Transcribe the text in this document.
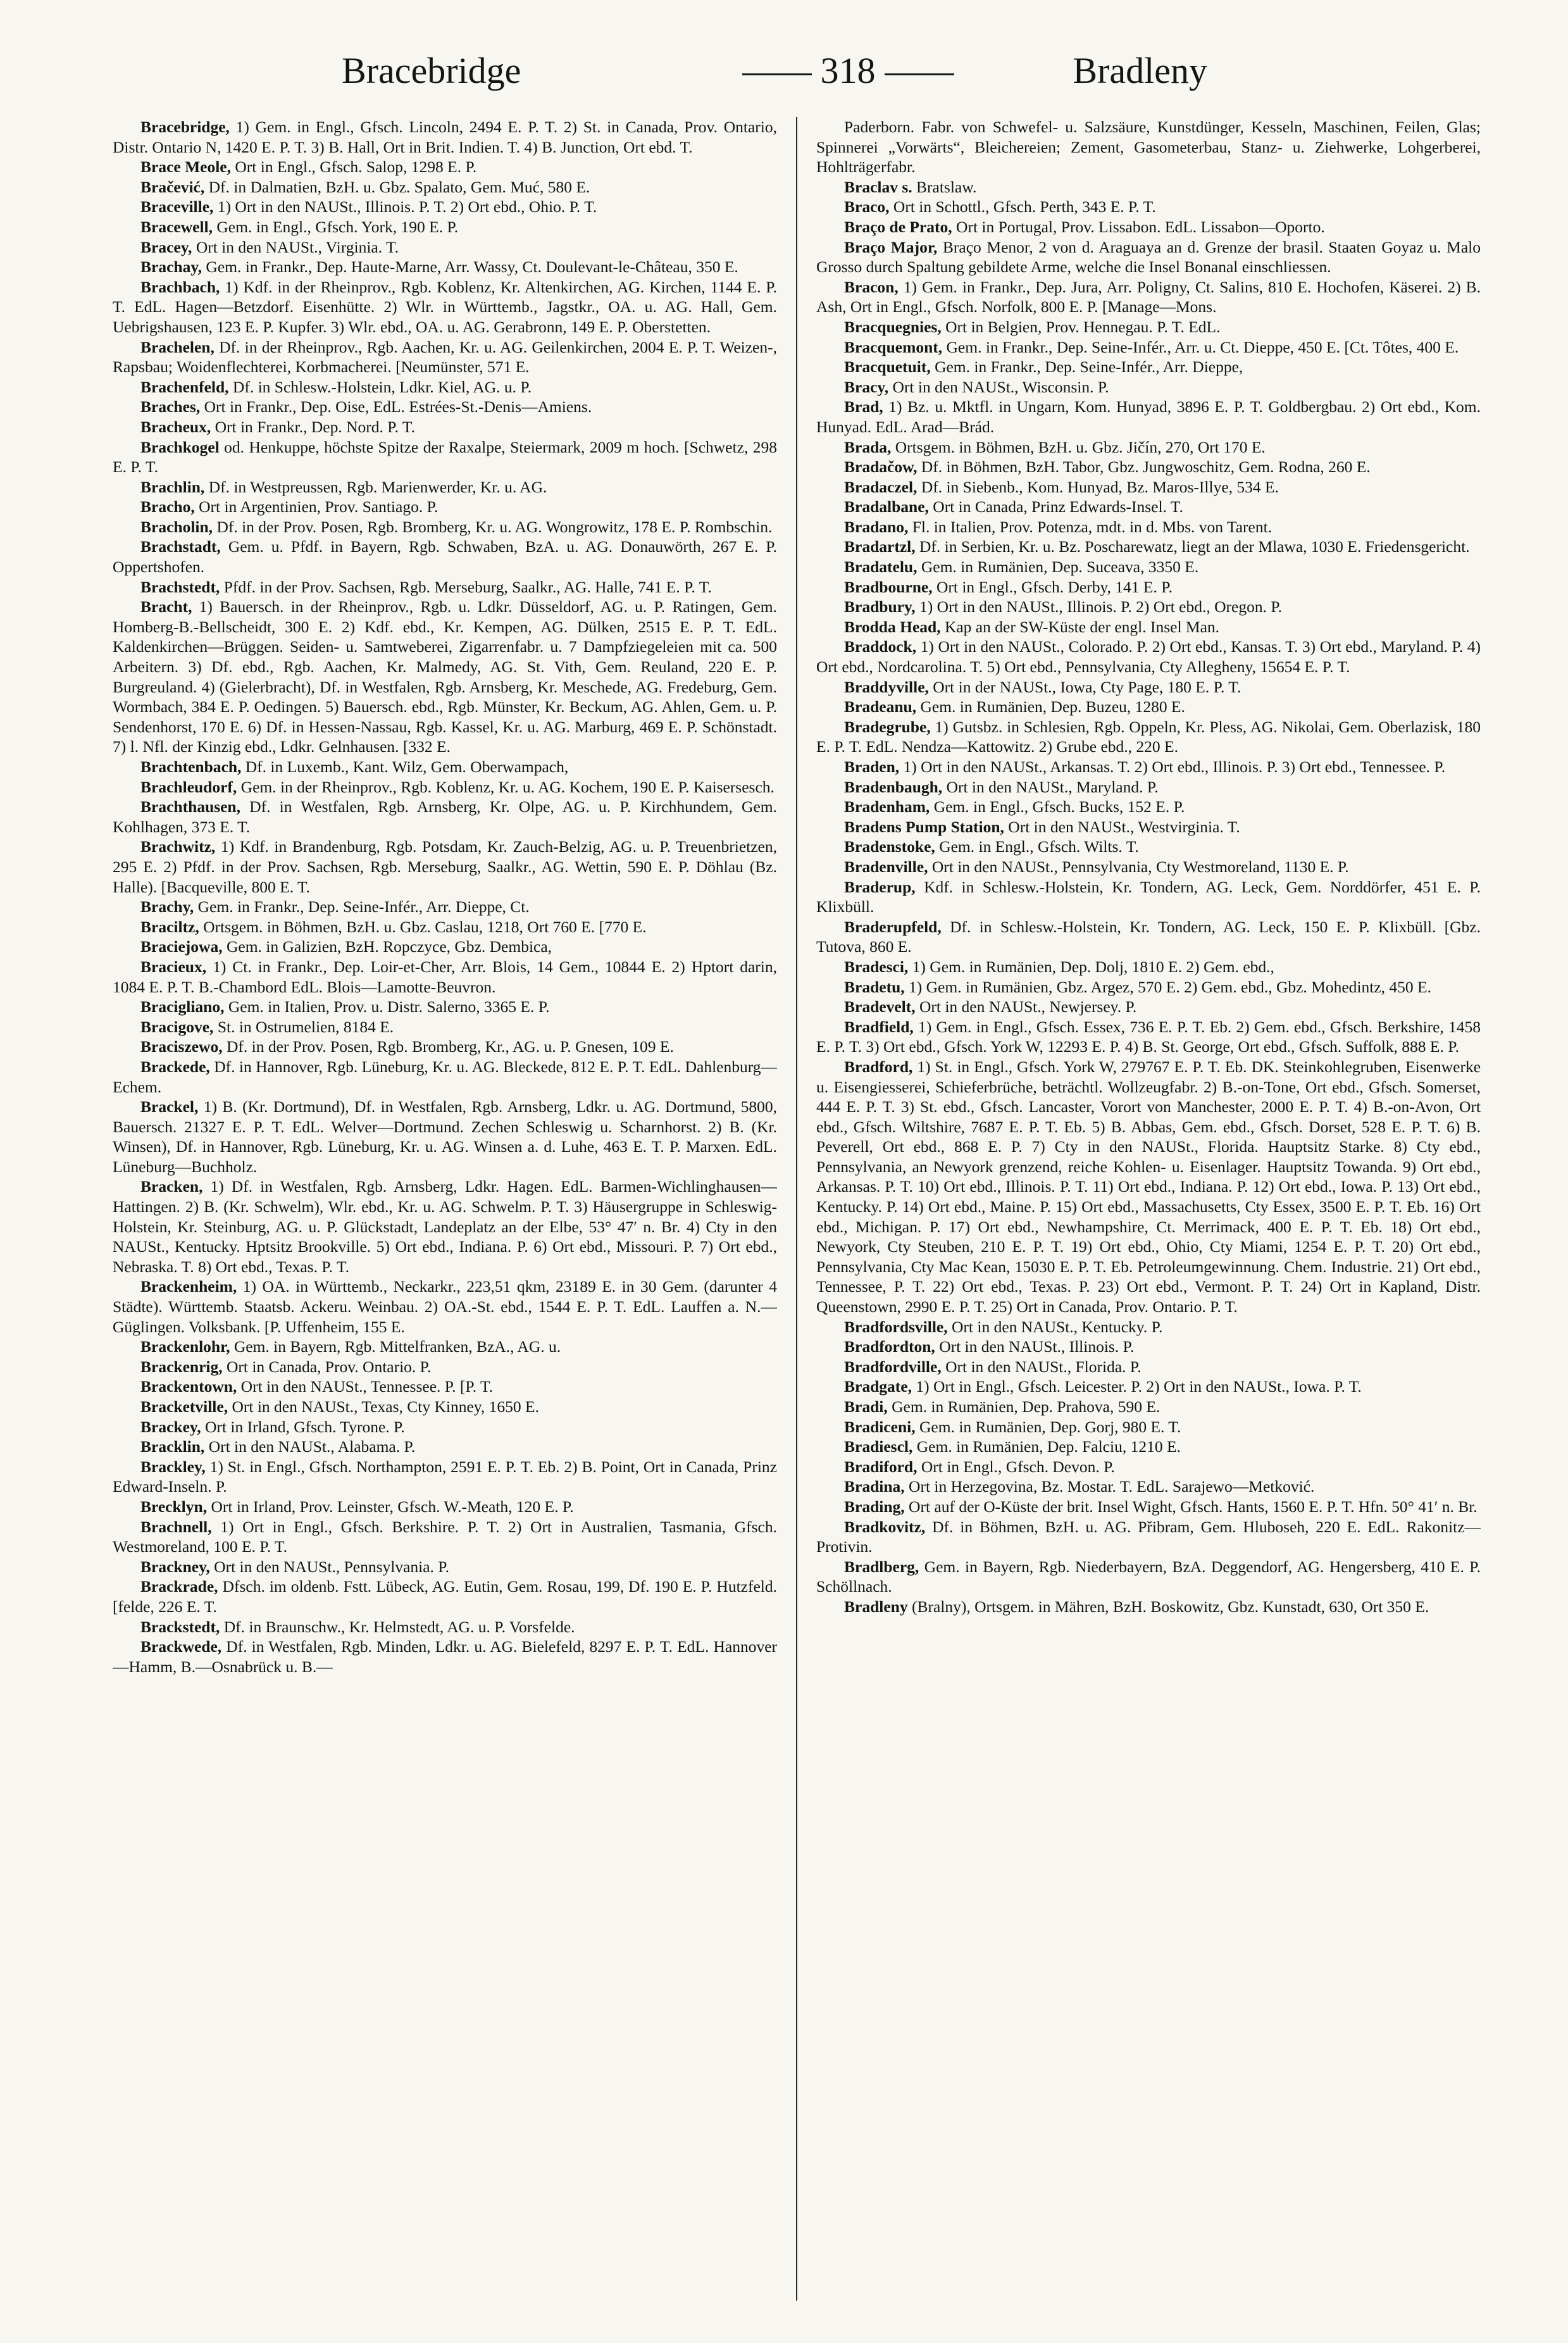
Bracebridge	318	Bradleny

Bracebridge, 1) Gem. in Engl., Gfsch. Lincoln, 2494 E. P. T. 2) St. in Canada, Prov. Ontario, Distr. Ontario N, 1420 E. P. T. 3) B. Hall, Ort in Brit. Indien. T. 4) B. Junction, Ort ebd. T.

Brace Meole, Ort in Engl., Gfsch. Salop, 1298 E. P.

Bračević, Df. in Dalmatien, BzH. u. Gbz. Spalato, Gem. Muć, 580 E.

Braceville, 1) Ort in den NAUSt., Illinois. P. T. 2) Ort ebd., Ohio. P. T.

Bracewell, Gem. in Engl., Gfsch. York, 190 E. P.

Bracey, Ort in den NAUSt., Virginia. T.

Brachay, Gem. in Frankr., Dep. Haute-Marne, Arr. Wassy, Ct. Doulevant-le-Château, 350 E.

Brachbach, 1) Kdf. in der Rheinprov., Rgb. Koblenz, Kr. Altenkirchen, AG. Kirchen, 1144 E. P. T. EdL. Hagen—Betzdorf. Eisenhütte. 2) Wlr. in Württemb., Jagstkr., OA. u. AG. Hall, Gem. Uebrigshausen, 123 E. P. Kupfer. 3) Wlr. ebd., OA. u. AG. Gerabronn, 149 E. P. Oberstetten.

Brachelen, Df. in der Rheinprov., Rgb. Aachen, Kr. u. AG. Geilenkirchen, 2004 E. P. T. Weizen-, Rapsbau; Woidenflechterei, Korbmacherei. [Neumünster, 571 E.

Brachenfeld, Df. in Schlesw.-Holstein, Ldkr. Kiel, AG. u. P.

Braches, Ort in Frankr., Dep. Oise, EdL. Estrées-St.-Denis—Amiens.

Bracheux, Ort in Frankr., Dep. Nord. P. T.

Brachkogel od. Henkuppe, höchste Spitze der Raxalpe, Steiermark, 2009 m hoch. [Schwetz, 298 E. P. T.

Brachlin, Df. in Westpreussen, Rgb. Marienwerder, Kr. u. AG.

Bracho, Ort in Argentinien, Prov. Santiago. P.

Bracholin, Df. in der Prov. Posen, Rgb. Bromberg, Kr. u. AG. Wongrowitz, 178 E. P. Rombschin.

Brachstadt, Gem. u. Pfdf. in Bayern, Rgb. Schwaben, BzA. u. AG. Donauwörth, 267 E. P. Oppertshofen.

Brachstedt, Pfdf. in der Prov. Sachsen, Rgb. Merseburg, Saalkr., AG. Halle, 741 E. P. T.

Bracht, 1) Bauersch. in der Rheinprov., Rgb. u. Ldkr. Düsseldorf, AG. u. P. Ratingen, Gem. Homberg-B.-Bellscheidt, 300 E. 2) Kdf. ebd., Kr. Kempen, AG. Dülken, 2515 E. P. T. EdL. Kaldenkirchen—Brüggen. Seiden- u. Samtweberei, Zigarrenfabr. u. 7 Dampfziegeleien mit ca. 500 Arbeitern. 3) Df. ebd., Rgb. Aachen, Kr. Malmedy, AG. St. Vith, Gem. Reuland, 220 E. P. Burgreuland. 4) (Gielerbracht), Df. in Westfalen, Rgb. Arnsberg, Kr. Meschede, AG. Fredeburg, Gem. Wormbach, 384 E. P. Oedingen. 5) Bauersch. ebd., Rgb. Münster, Kr. Beckum, AG. Ahlen, Gem. u. P. Sendenhorst, 170 E. 6) Df. in Hessen-Nassau, Rgb. Kassel, Kr. u. AG. Marburg, 469 E. P. Schönstadt. 7) l. Nfl. der Kinzig ebd., Ldkr. Gelnhausen. [332 E.

Brachtenbach, Df. in Luxemb., Kant. Wilz, Gem. Oberwampach,

Brachleudorf, Gem. in der Rheinprov., Rgb. Koblenz, Kr. u. AG. Kochem, 190 E. P. Kaisersesch.

Brachthausen, Df. in Westfalen, Rgb. Arnsberg, Kr. Olpe, AG. u. P. Kirchhundem, Gem. Kohlhagen, 373 E. T.

Brachwitz, 1) Kdf. in Brandenburg, Rgb. Potsdam, Kr. Zauch-Belzig, AG. u. P. Treuenbrietzen, 295 E. 2) Pfdf. in der Prov. Sachsen, Rgb. Merseburg, Saalkr., AG. Wettin, 590 E. P. Döhlau (Bz. Halle). [Bacqueville, 800 E. T.

Brachy, Gem. in Frankr., Dep. Seine-Infér., Arr. Dieppe, Ct.

Braciltz, Ortsgem. in Böhmen, BzH. u. Gbz. Caslau, 1218, Ort 760 E. [770 E.

Braciejowa, Gem. in Galizien, BzH. Ropczyce, Gbz. Dembica,

Bracieux, 1) Ct. in Frankr., Dep. Loir-et-Cher, Arr. Blois, 14 Gem., 10844 E. 2) Hptort darin, 1084 E. P. T. B.-Chambord EdL. Blois—Lamotte-Beuvron.

Bracigliano, Gem. in Italien, Prov. u. Distr. Salerno, 3365 E. P.

Bracigove, St. in Ostrumelien, 8184 E.

Braciszewo, Df. in der Prov. Posen, Rgb. Bromberg, Kr., AG. u. P. Gnesen, 109 E.

Brackede, Df. in Hannover, Rgb. Lüneburg, Kr. u. AG. Bleckede, 812 E. P. T. EdL. Dahlenburg—Echem.

Brackel, 1) B. (Kr. Dortmund), Df. in Westfalen, Rgb. Arnsberg, Ldkr. u. AG. Dortmund, 5800, Bauersch. 21327 E. P. T. EdL. Welver—Dortmund. Zechen Schleswig u. Scharnhorst. 2) B. (Kr. Winsen), Df. in Hannover, Rgb. Lüneburg, Kr. u. AG. Winsen a. d. Luhe, 463 E. T. P. Marxen. EdL. Lüneburg—Buchholz.

Bracken, 1) Df. in Westfalen, Rgb. Arnsberg, Ldkr. Hagen. EdL. Barmen-Wichlinghausen—Hattingen. 2) B. (Kr. Schwelm), Wlr. ebd., Kr. u. AG. Schwelm. P. T. 3) Häusergruppe in Schleswig-Holstein, Kr. Steinburg, AG. u. P. Glückstadt, Landeplatz an der Elbe, 53° 47′ n. Br. 4) Cty in den NAUSt., Kentucky. Hptsitz Brookville. 5) Ort ebd., Indiana. P. 6) Ort ebd., Missouri. P. 7) Ort ebd., Nebraska. T. 8) Ort ebd., Texas. P. T.

Brackenheim, 1) OA. in Württemb., Neckarkr., 223,51 qkm, 23189 E. in 30 Gem. (darunter 4 Städte). Württemb. Staatsb. Ackeru. Weinbau. 2) OA.-St. ebd., 1544 E. P. T. EdL. Lauffen a. N.—Güglingen. Volksbank. [P. Uffenheim, 155 E.

Brackenlohr, Gem. in Bayern, Rgb. Mittelfranken, BzA., AG. u.

Brackenrig, Ort in Canada, Prov. Ontario. P.

Brackentown, Ort in den NAUSt., Tennessee. P. [P. T.

Bracketville, Ort in den NAUSt., Texas, Cty Kinney, 1650 E.

Brackey, Ort in Irland, Gfsch. Tyrone. P.

Bracklin, Ort in den NAUSt., Alabama. P.

Brackley, 1) St. in Engl., Gfsch. Northampton, 2591 E. P. T. Eb. 2) B. Point, Ort in Canada, Prinz Edward-Inseln. P.

Brecklyn, Ort in Irland, Prov. Leinster, Gfsch. W.-Meath, 120 E. P.

Brachnell, 1) Ort in Engl., Gfsch. Berkshire. P. T. 2) Ort in Australien, Tasmania, Gfsch. Westmoreland, 100 E. P. T.

Brackney, Ort in den NAUSt., Pennsylvania. P.

Brackrade, Dfsch. im oldenb. Fstt. Lübeck, AG. Eutin, Gem. Rosau, 199, Df. 190 E. P. Hutzfeld. [felde, 226 E. T.

Brackstedt, Df. in Braunschw., Kr. Helmstedt, AG. u. P. Vorsfelde.

Brackwede, Df. in Westfalen, Rgb. Minden, Ldkr. u. AG. Bielefeld, 8297 E. P. T. EdL. Hannover—Hamm, B.—Osnabrück u. B.—

Paderborn. Fabr. von Schwefel- u. Salzsäure, Kunstdünger, Kesseln, Maschinen, Feilen, Glas; Spinnerei „Vorwärts“, Bleichereien; Zement, Gasometerbau, Stanz- u. Ziehwerke, Lohgerberei, Hohlträgerfabr.

Braclav s. Bratslaw.

Braco, Ort in Schottl., Gfsch. Perth, 343 E. P. T.

Braço de Prato, Ort in Portugal, Prov. Lissabon. EdL. Lissabon—Oporto.

Braço Major, Braço Menor, 2 von d. Araguaya an d. Grenze der brasil. Staaten Goyaz u. Malo Grosso durch Spaltung gebildete Arme, welche die Insel Bonanal einschliessen.

Bracon, 1) Gem. in Frankr., Dep. Jura, Arr. Poligny, Ct. Salins, 810 E. Hochofen, Käserei. 2) B. Ash, Ort in Engl., Gfsch. Norfolk, 800 E. P. [Manage—Mons.

Bracquegnies, Ort in Belgien, Prov. Hennegau. P. T. EdL.

Bracquemont, Gem. in Frankr., Dep. Seine-Infér., Arr. u. Ct. Dieppe, 450 E. [Ct. Tôtes, 400 E.

Bracquetuit, Gem. in Frankr., Dep. Seine-Infér., Arr. Dieppe,

Bracy, Ort in den NAUSt., Wisconsin. P.

Brad, 1) Bz. u. Mktfl. in Ungarn, Kom. Hunyad, 3896 E. P. T. Goldbergbau. 2) Ort ebd., Kom. Hunyad. EdL. Arad—Brád.

Brada, Ortsgem. in Böhmen, BzH. u. Gbz. Jičín, 270, Ort 170 E.

Bradačow, Df. in Böhmen, BzH. Tabor, Gbz. Jungwoschitz, Gem. Rodna, 260 E.

Bradaczel, Df. in Siebenb., Kom. Hunyad, Bz. Maros-Illye, 534 E.

Bradalbane, Ort in Canada, Prinz Edwards-Insel. T.

Bradano, Fl. in Italien, Prov. Potenza, mdt. in d. Mbs. von Tarent.

Bradartzl, Df. in Serbien, Kr. u. Bz. Poscharewatz, liegt an der Mlawa, 1030 E. Friedensgericht.

Bradatelu, Gem. in Rumänien, Dep. Suceava, 3350 E.

Bradbourne, Ort in Engl., Gfsch. Derby, 141 E. P.

Bradbury, 1) Ort in den NAUSt., Illinois. P. 2) Ort ebd., Oregon. P.

Brodda Head, Kap an der SW-Küste der engl. Insel Man.

Braddock, 1) Ort in den NAUSt., Colorado. P. 2) Ort ebd., Kansas. T. 3) Ort ebd., Maryland. P. 4) Ort ebd., Nordcarolina. T. 5) Ort ebd., Pennsylvania, Cty Allegheny, 15654 E. P. T.

Braddyville, Ort in der NAUSt., Iowa, Cty Page, 180 E. P. T.

Bradeanu, Gem. in Rumänien, Dep. Buzeu, 1280 E.

Bradegrube, 1) Gutsbz. in Schlesien, Rgb. Oppeln, Kr. Pless, AG. Nikolai, Gem. Oberlazisk, 180 E. P. T. EdL. Nendza—Kattowitz. 2) Grube ebd., 220 E.

Braden, 1) Ort in den NAUSt., Arkansas. T. 2) Ort ebd., Illinois. P. 3) Ort ebd., Tennessee. P.

Bradenbaugh, Ort in den NAUSt., Maryland. P.

Bradenham, Gem. in Engl., Gfsch. Bucks, 152 E. P.

Bradens Pump Station, Ort in den NAUSt., Westvirginia. T.

Bradenstoke, Gem. in Engl., Gfsch. Wilts. T.

Bradenville, Ort in den NAUSt., Pennsylvania, Cty Westmoreland, 1130 E. P.

Braderup, Kdf. in Schlesw.-Holstein, Kr. Tondern, AG. Leck, Gem. Norddörfer, 451 E. P. Klixbüll.

Braderupfeld, Df. in Schlesw.-Holstein, Kr. Tondern, AG. Leck, 150 E. P. Klixbüll. [Gbz. Tutova, 860 E.

Bradesci, 1) Gem. in Rumänien, Dep. Dolj, 1810 E. 2) Gem. ebd.,

Bradetu, 1) Gem. in Rumänien, Gbz. Argez, 570 E. 2) Gem. ebd., Gbz. Mohedintz, 450 E.

Bradevelt, Ort in den NAUSt., Newjersey. P.

Bradfield, 1) Gem. in Engl., Gfsch. Essex, 736 E. P. T. Eb. 2) Gem. ebd., Gfsch. Berkshire, 1458 E. P. T. 3) Ort ebd., Gfsch. York W, 12293 E. P. 4) B. St. George, Ort ebd., Gfsch. Suffolk, 888 E. P.

Bradford, 1) St. in Engl., Gfsch. York W, 279767 E. P. T. Eb. DK. Steinkohlegruben, Eisenwerke u. Eisengiesserei, Schieferbrüche, beträchtl. Wollzeugfabr. 2) B.-on-Tone, Ort ebd., Gfsch. Somerset, 444 E. P. T. 3) St. ebd., Gfsch. Lancaster, Vorort von Manchester, 2000 E. P. T. 4) B.-on-Avon, Ort ebd., Gfsch. Wiltshire, 7687 E. P. T. Eb. 5) B. Abbas, Gem. ebd., Gfsch. Dorset, 528 E. P. T. 6) B. Peverell, Ort ebd., 868 E. P. 7) Cty in den NAUSt., Florida. Hauptsitz Starke. 8) Cty ebd., Pennsylvania, an Newyork grenzend, reiche Kohlen- u. Eisenlager. Hauptsitz Towanda. 9) Ort ebd., Arkansas. P. T. 10) Ort ebd., Illinois. P. T. 11) Ort ebd., Indiana. P. 12) Ort ebd., Iowa. P. 13) Ort ebd., Kentucky. P. 14) Ort ebd., Maine. P. 15) Ort ebd., Massachusetts, Cty Essex, 3500 E. P. T. Eb. 16) Ort ebd., Michigan. P. 17) Ort ebd., Newhampshire, Ct. Merrimack, 400 E. P. T. Eb. 18) Ort ebd., Newyork, Cty Steuben, 210 E. P. T. 19) Ort ebd., Ohio, Cty Miami, 1254 E. P. T. 20) Ort ebd., Pennsylvania, Cty Mac Kean, 15030 E. P. T. Eb. Petroleumgewinnung. Chem. Industrie. 21) Ort ebd., Tennessee, P. T. 22) Ort ebd., Texas. P. 23) Ort ebd., Vermont. P. T. 24) Ort in Kapland, Distr. Queenstown, 2990 E. P. T. 25) Ort in Canada, Prov. Ontario. P. T.

Bradfordsville, Ort in den NAUSt., Kentucky. P.

Bradfordton, Ort in den NAUSt., Illinois. P.

Bradfordville, Ort in den NAUSt., Florida. P.

Bradgate, 1) Ort in Engl., Gfsch. Leicester. P. 2) Ort in den NAUSt., Iowa. P. T.

Bradi, Gem. in Rumänien, Dep. Prahova, 590 E.

Bradiceni, Gem. in Rumänien, Dep. Gorj, 980 E. T.

Bradiescl, Gem. in Rumänien, Dep. Falciu, 1210 E.

Bradiford, Ort in Engl., Gfsch. Devon. P.

Bradina, Ort in Herzegovina, Bz. Mostar. T. EdL. Sarajewo—Metković.

Brading, Ort auf der O-Küste der brit. Insel Wight, Gfsch. Hants, 1560 E. P. T. Hfn. 50° 41′ n. Br.

Bradkovitz, Df. in Böhmen, BzH. u. AG. Přibram, Gem. Hluboseh, 220 E. EdL. Rakonitz—Protivin.

Bradlberg, Gem. in Bayern, Rgb. Niederbayern, BzA. Deggendorf, AG. Hengersberg, 410 E. P. Schöllnach.

Bradleny (Bralny), Ortsgem. in Mähren, BzH. Boskowitz, Gbz. Kunstadt, 630, Ort 350 E.
